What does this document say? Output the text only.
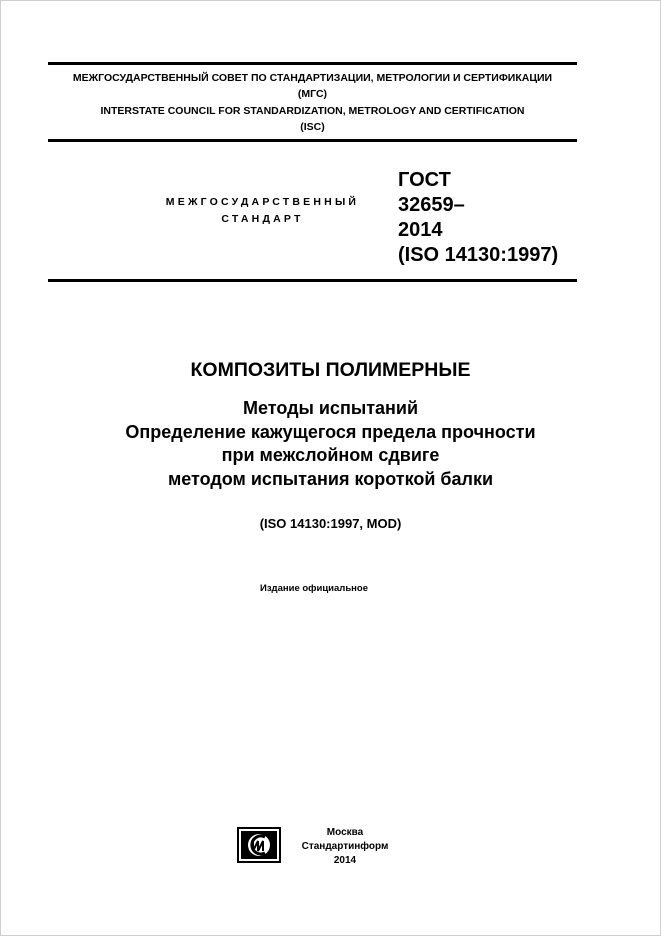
МЕЖГОСУДАРСТВЕННЫЙ СОВЕТ ПО СТАНДАРТИЗАЦИИ, МЕТРОЛОГИИ И СЕРТИФИКАЦИИ
(МГС)
INTERSTATE COUNCIL FOR STANDARDIZATION, METROLOGY AND CERTIFICATION
(ISC)
МЕЖГОСУДАРСТВЕННЫЙ
СТАНДАРТ
ГОСТ
32659–
2014
(ISO 14130:1997)
КОМПОЗИТЫ ПОЛИМЕРНЫЕ
Методы испытаний
Определение кажущегося предела прочности
при межслойном сдвиге
методом испытания короткой балки
(ISO 14130:1997, MOD)
Издание официальное
Москва
Стандартинформ
2014
